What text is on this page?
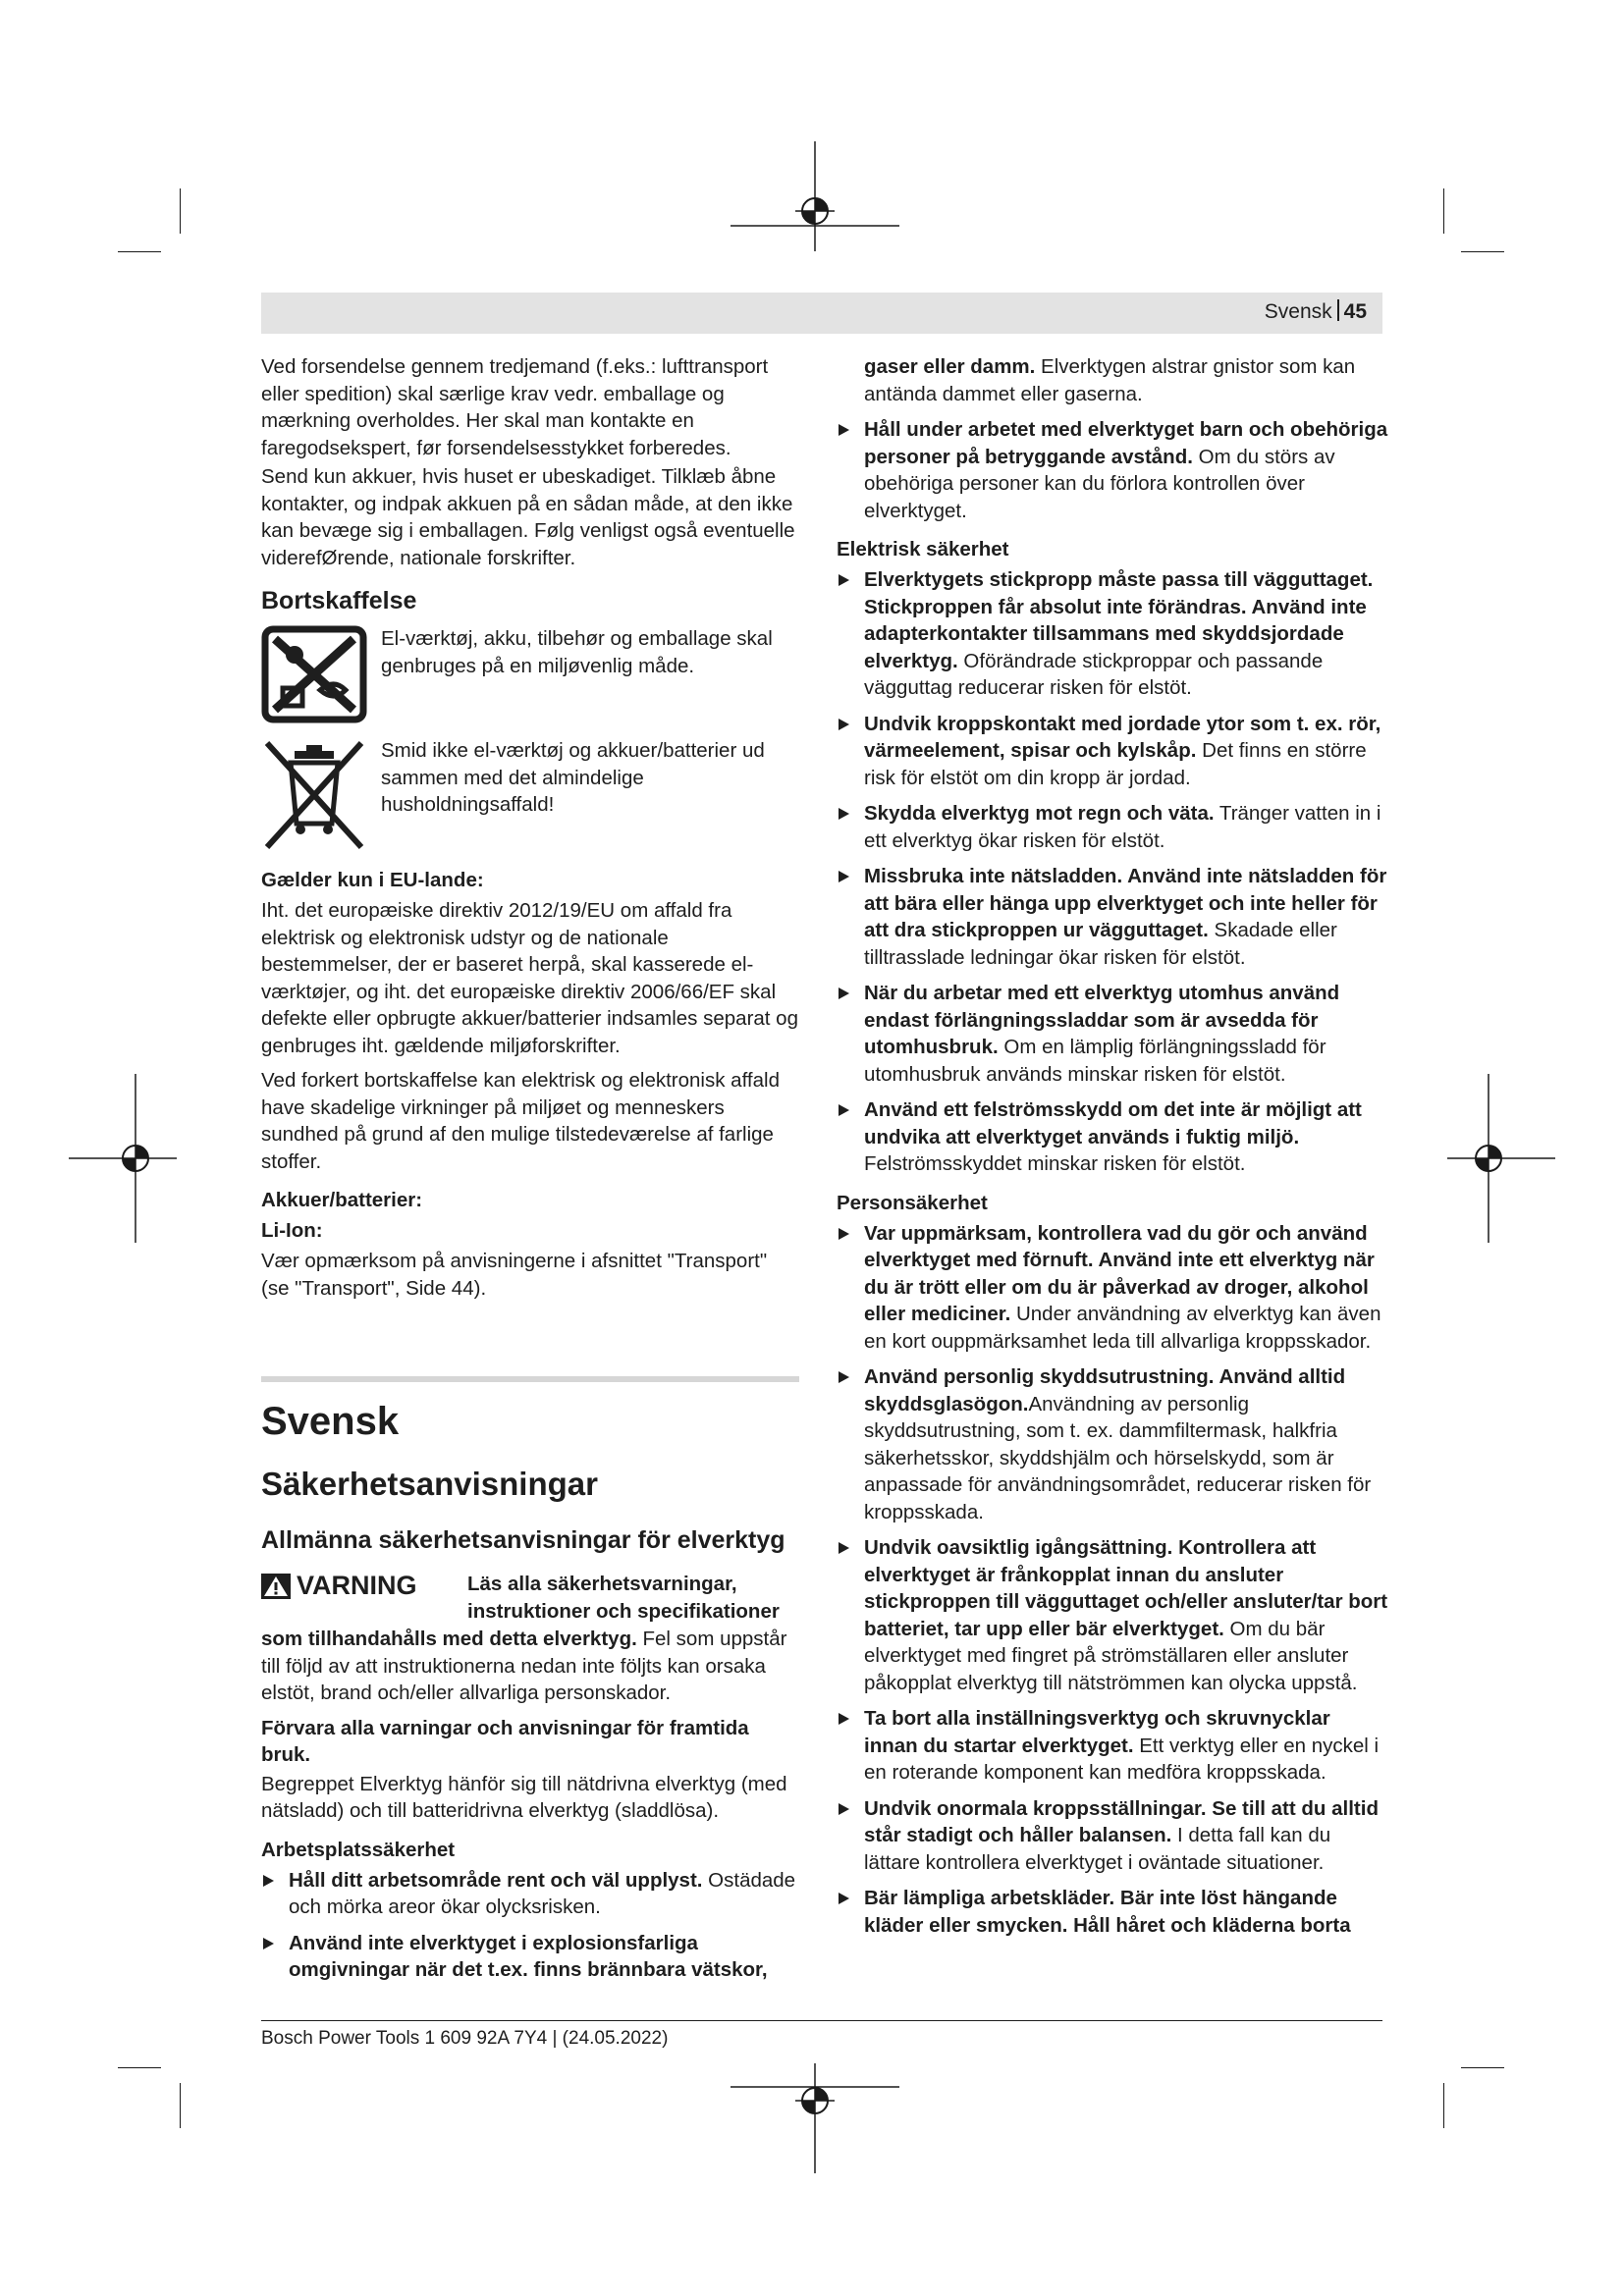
Svensk 45

Ved forsendelse gennem tredjemand (f.eks.: lufttransport eller spedition) skal særlige krav vedr. emballage og mærkning overholdes. Her skal man kontakte en faregodsekspert, før forsendelsesstykket forberedes.

Send kun akkuer, hvis huset er ubeskadiget. Tilklæb åbne kontakter, og indpak akkuen på en sådan måde, at den ikke kan bevæge sig i emballagen. Følg venligst også eventuelle viderefØrende, nationale forskrifter.

Bortskaffelse

El-værktøj, akku, tilbehør og emballage skal genbruges på en miljøvenlig måde.

Smid ikke el-værktøj og akkuer/batterier ud sammen med det almindelige husholdningsaffald!

Gælder kun i EU-lande:

Iht. det europæiske direktiv 2012/19/EU om affald fra elektrisk og elektronisk udstyr og de nationale bestemmelser, der er baseret herpå, skal kasserede el-værktøjer, og iht. det europæiske direktiv 2006/66/EF skal defekte eller opbrugte akkuer/batterier indsamles separat og genbruges iht. gældende miljøforskrifter.

Ved forkert bortskaffelse kan elektrisk og elektronisk affald have skadelige virkninger på miljøet og menneskers sundhed på grund af den mulige tilstedeværelse af farlige stoffer.

Akkuer/batterier:
Li-Ion:

Vær opmærksom på anvisningerne i afsnittet "Transport" (se "Transport", Side 44).

Svensk
Säkerhetsanvisningar
Allmänna säkerhetsanvisningar för elverktyg
VARNING	Läs alla säkerhetsvarningar, instruktioner och specifikationer

som tillhandahålls med detta elverktyg. Fel som uppstår till följd av att instruktionerna nedan inte följts kan orsaka elstöt, brand och/eller allvarliga personskador.

Förvara alla varningar och anvisningar för framtida bruk.

Begreppet Elverktyg hänför sig till nätdrivna elverktyg (med nätsladd) och till batteridrivna elverktyg (sladdlösa).

Arbetsplatssäkerhet
Håll ditt arbetsområde rent och väl upplyst. Ostädade och mörka areor ökar olycksrisken.
Använd inte elverktyget i explosionsfarliga omgivningar när det t.ex. finns brännbara vätskor,
gaser eller damm. Elverktygen alstrar gnistor som kan antända dammet eller gaserna.
Håll under arbetet med elverktyget barn och obehöriga personer på betryggande avstånd. Om du störs av obehöriga personer kan du förlora kontrollen över elverktyget.
Elektrisk säkerhet
Elverktygets stickpropp måste passa till vägguttaget. Stickproppen får absolut inte förändras. Använd inte adapterkontakter tillsammans med skyddsjordade elverktyg. Oförändrade stickproppar och passande vägguttag reducerar risken för elstöt.
Undvik kroppskontakt med jordade ytor som t. ex. rör, värmeelement, spisar och kylskåp. Det finns en större risk för elstöt om din kropp är jordad.
Skydda elverktyg mot regn och väta. Tränger vatten in i ett elverktyg ökar risken för elstöt.
Missbruka inte nätsladden. Använd inte nätsladden för att bära eller hänga upp elverktyget och inte heller för att dra stickproppen ur vägguttaget. Skadade eller tilltrasslade ledningar ökar risken för elstöt.
När du arbetar med ett elverktyg utomhus använd endast förlängningssladdar som är avsedda för utomhusbruk. Om en lämplig förlängningssladd för utomhusbruk används minskar risken för elstöt.
Använd ett felströmsskydd om det inte är möjligt att undvika att elverktyget används i fuktig miljö. Felströmsskyddet minskar risken för elstöt.
Personsäkerhet
Var uppmärksam, kontrollera vad du gör och använd elverktyget med förnuft. Använd inte ett elverktyg när du är trött eller om du är påverkad av droger, alkohol eller mediciner. Under användning av elverktyg kan även en kort ouppmärksamhet leda till allvarliga kroppsskador.
Använd personlig skyddsutrustning. Använd alltid skyddsglasögon.Användning av personlig skyddsutrustning, som t. ex. dammfiltermask, halkfria säkerhetsskor, skyddshjälm och hörselskydd, som är anpassade för användningsområdet, reducerar risken för kroppsskada.
Undvik oavsiktlig igångsättning. Kontrollera att elverktyget är frånkopplat innan du ansluter stickproppen till vägguttaget och/eller ansluter/tar bort batteriet, tar upp eller bär elverktyget. Om du bär elverktyget med fingret på strömställaren eller ansluter påkopplat elverktyg till nätströmmen kan olycka uppstå.
Ta bort alla inställningsverktyg och skruvnycklar innan du startar elverktyget. Ett verktyg eller en nyckel i en roterande komponent kan medföra kroppsskada.
Undvik onormala kroppsställningar. Se till att du alltid står stadigt och håller balansen. I detta fall kan du lättare kontrollera elverktyget i oväntade situationer.
Bär lämpliga arbetskläder. Bär inte löst hängande kläder eller smycken. Håll håret och kläderna borta
Bosch Power Tools 1 609 92A 7Y4 | (24.05.2022)
